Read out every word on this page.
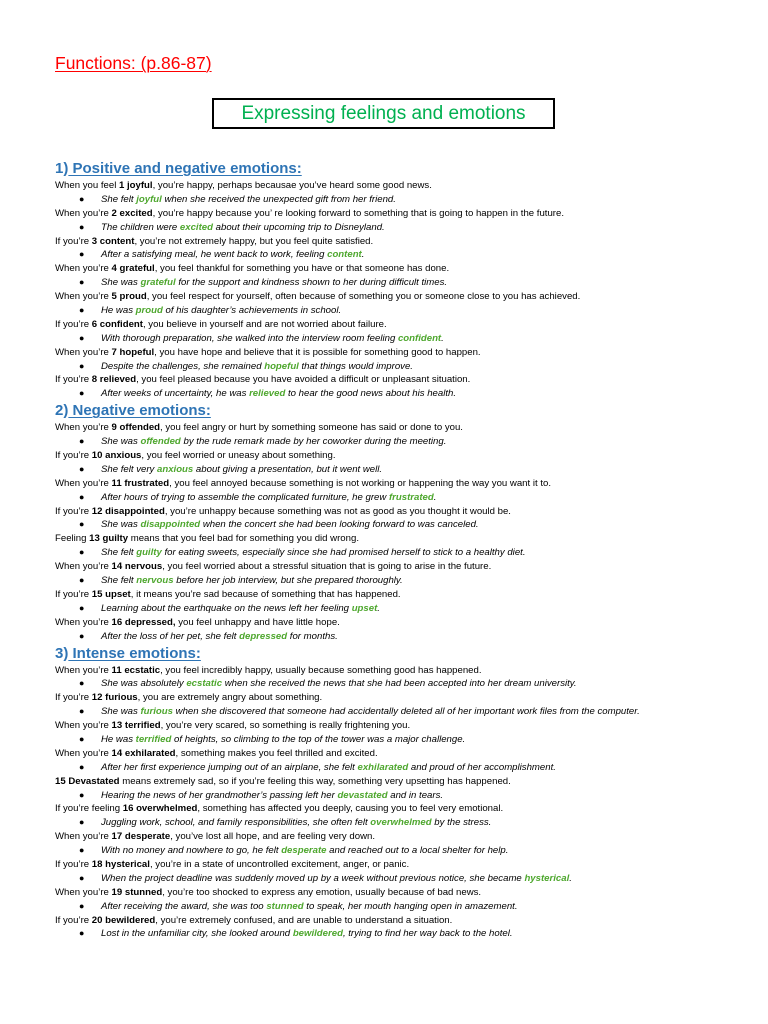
Functions: (p.86-87)
Expressing feelings and emotions
1) Positive and negative emotions:
When you feel 1 joyful, you’re happy, perhaps becausae you’ve heard some good news.
● She felt joyful when she received the unexpected gift from her friend.
When you’re 2 excited, you’re happy because you’ re looking forward to something that is going to happen in the future.
● The children were excited about their upcoming trip to Disneyland.
If you’re 3 content, you’re not extremely happy, but you feel quite satisfied.
● After a satisfying meal, he went back to work, feeling content.
When you’re 4 grateful, you feel thankful for something you have or that someone has done.
● She was grateful for the support and kindness shown to her during difficult times.
When you’re 5 proud, you feel respect for yourself, often because of something you or someone close to you has achieved.
● He was proud of his daughter’s achievements in school.
If you’re 6 confident, you believe in yourself and are not worried about failure.
● With thorough preparation, she walked into the interview room feeling confident.
When you’re 7 hopeful, you have hope and believe that it is possible for something good to happen.
● Despite the challenges, she remained hopeful that things would improve.
If you’re 8 relieved, you feel pleased because you have avoided a difficult or unpleasant situation.
● After weeks of uncertainty, he was relieved to hear the good news about his health.
2) Negative emotions:
When you’re 9 offended, you feel angry or hurt by something someone has said or done to you.
● She was offended by the rude remark made by her coworker during the meeting.
If you’re 10 anxious, you feel worried or uneasy about something.
● She felt very anxious about giving a presentation, but it went well.
When you’re 11 frustrated, you feel annoyed because something is not working or happening the way you want it to.
● After hours of trying to assemble the complicated furniture, he grew frustrated.
If you’re 12 disappointed, you’re unhappy because something was not as good as you thought it would be.
● She was disappointed when the concert she had been looking forward to was canceled.
Feeling 13 guilty means that you feel bad for something you did wrong.
● She felt guilty for eating sweets, especially since she had promised herself to stick to a healthy diet.
When you’re 14 nervous, you feel worried about a stressful situation that is going to arise in the future.
● She felt nervous before her job interview, but she prepared thoroughly.
If you’re 15 upset, it means you’re sad because of something that has happened.
● Learning about the earthquake on the news left her feeling upset.
When you’re 16 depressed, you feel unhappy and have little hope.
● After the loss of her pet, she felt depressed for months.
3) Intense emotions:
When you’re 11 ecstatic, you feel incredibly happy, usually because something good has happened.
● She was absolutely ecstatic when she received the news that she had been accepted into her dream university.
If you’re 12 furious, you are extremely angry about something.
● She was furious when she discovered that someone had accidentally deleted all of her important work files from the computer.
When you’re 13 terrified, you’re very scared, so something is really frightening you.
● He was terrified of heights, so climbing to the top of the tower was a major challenge.
When you’re 14 exhilarated, something makes you feel thrilled and excited.
● After her first experience jumping out of an airplane, she felt exhilarated and proud of her accomplishment.
15 Devastated means extremely sad, so if you’re feeling this way, something very upsetting has happened.
● Hearing the news of her grandmother’s passing left her devastated and in tears.
If you’re feeling 16 overwhelmed, something has affected you deeply, causing you to feel very emotional.
● Juggling work, school, and family responsibilities, she often felt overwhelmed by the stress.
When you’re 17 desperate, you’ve lost all hope, and are feeling very down.
● With no money and nowhere to go, he felt desperate and reached out to a local shelter for help.
If you’re 18 hysterical, you’re in a state of uncontrolled excitement, anger, or panic.
● When the project deadline was suddenly moved up by a week without previous notice, she became hysterical.
When you’re 19 stunned, you’re too shocked to express any emotion, usually because of bad news.
● After receiving the award, she was too stunned to speak, her mouth hanging open in amazement.
If you’re 20 bewildered, you’re extremely confused, and are unable to understand a situation.
● Lost in the unfamiliar city, she looked around bewildered, trying to find her way back to the hotel.
